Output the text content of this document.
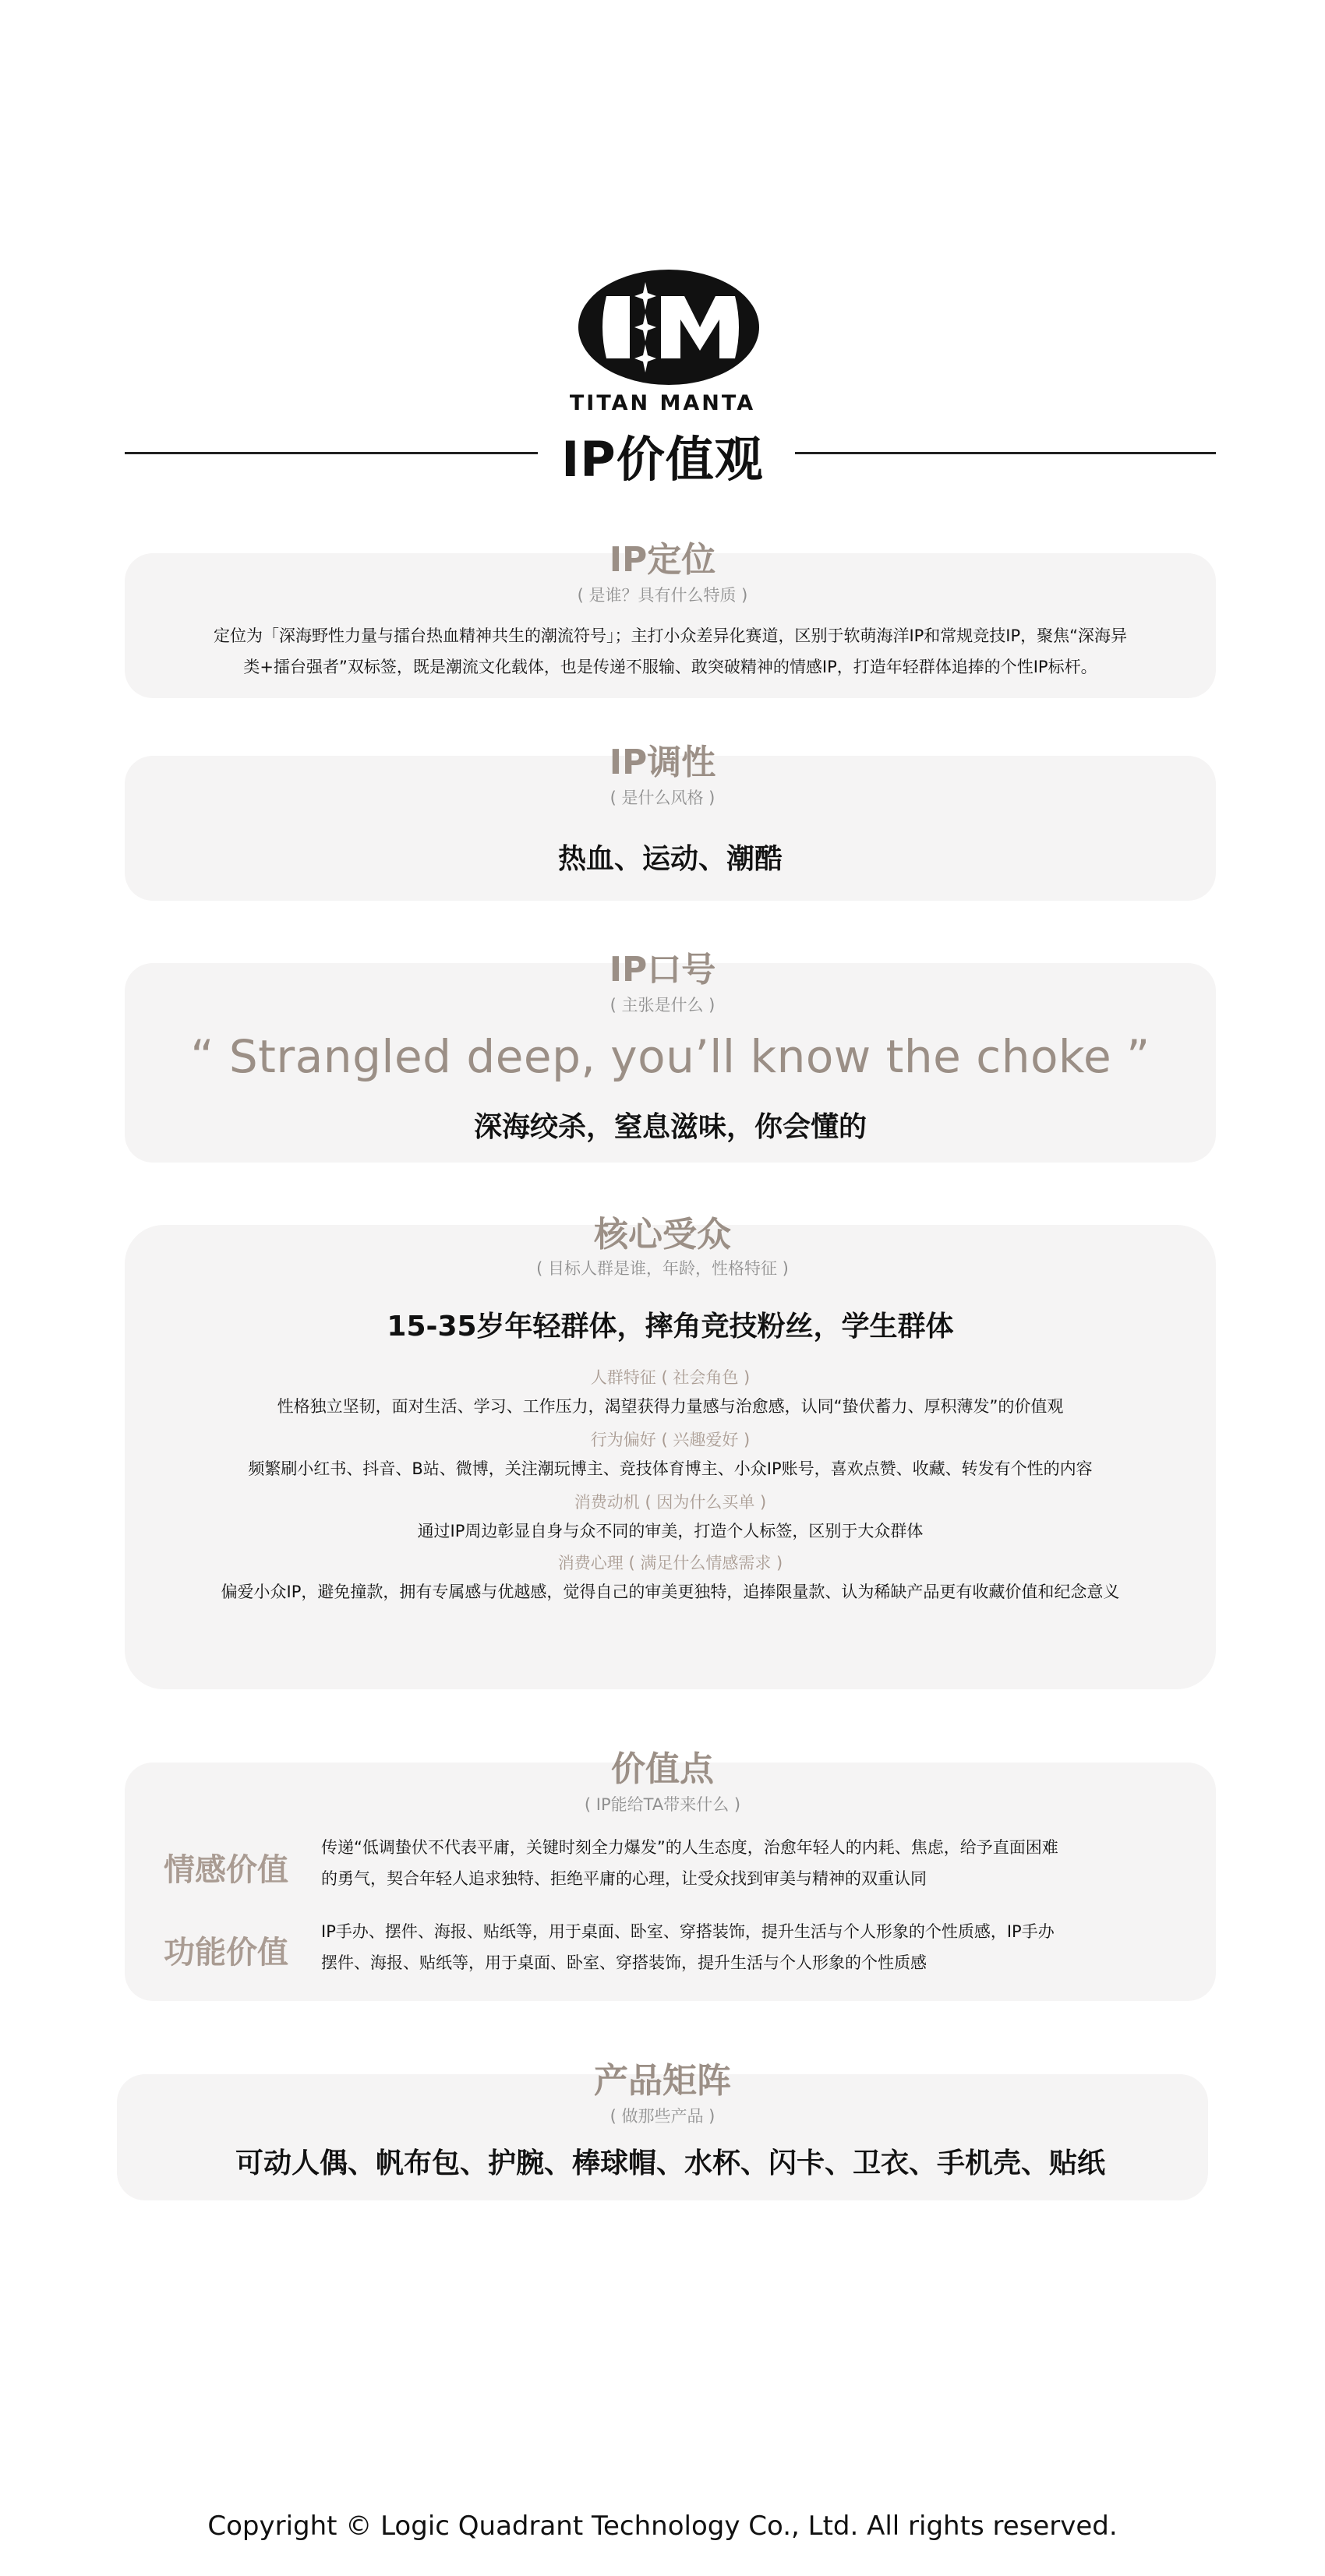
TITAN MANTA
IP价值观
IP定位
( 是谁？具有什么特质 )
定位为「深海野性力量与擂台热血精神共生的潮流符号」；主打小众差异化赛道，区别于软萌海洋IP和常规竞技IP，聚焦“深海异
类+擂台强者”双标签，既是潮流文化载体，也是传递不服输、敢突破精神的情感IP，打造年轻群体追捧的个性IP标杆。
IP调性
( 是什么风格 )
热血、运动、潮酷
IP口号
( 主张是什么 )
“ Strangled deep, you’ll know the choke ”
深海绞杀，窒息滋味，你会懂的
核心受众
( 目标人群是谁，年龄，性格特征 )
15-35岁年轻群体，摔角竞技粉丝，学生群体
人群特征 ( 社会角色 )
性格独立坚韧，面对生活、学习、工作压力，渴望获得力量感与治愈感，认同“蛰伏蓄力、厚积薄发”的价值观
行为偏好 ( 兴趣爱好 )
频繁刷小红书、抖音、B站、微博，关注潮玩博主、竞技体育博主、小众IP账号，喜欢点赞、收藏、转发有个性的内容
消费动机 ( 因为什么买单 )
通过IP周边彰显自身与众不同的审美，打造个人标签，区别于大众群体
消费心理 ( 满足什么情感需求 )
偏爱小众IP，避免撞款，拥有专属感与优越感，觉得自己的审美更独特，追捧限量款、认为稀缺产品更有收藏价值和纪念意义
价值点
( IP能给TA带来什么 )
情感价值
传递“低调蛰伏不代表平庸，关键时刻全力爆发”的人生态度，治愈年轻人的内耗、焦虑，给予直面困难
的勇气，契合年轻人追求独特、拒绝平庸的心理，让受众找到审美与精神的双重认同
功能价值
IP手办、摆件、海报、贴纸等，用于桌面、卧室、穿搭装饰，提升生活与个人形象的个性质感，IP手办
摆件、海报、贴纸等，用于桌面、卧室、穿搭装饰，提升生活与个人形象的个性质感
产品矩阵
( 做那些产品 )
可动人偶、帆布包、护腕、棒球帽、水杯、闪卡、卫衣、手机壳、贴纸
Copyright © Logic Quadrant Technology Co., Ltd. All rights reserved.
